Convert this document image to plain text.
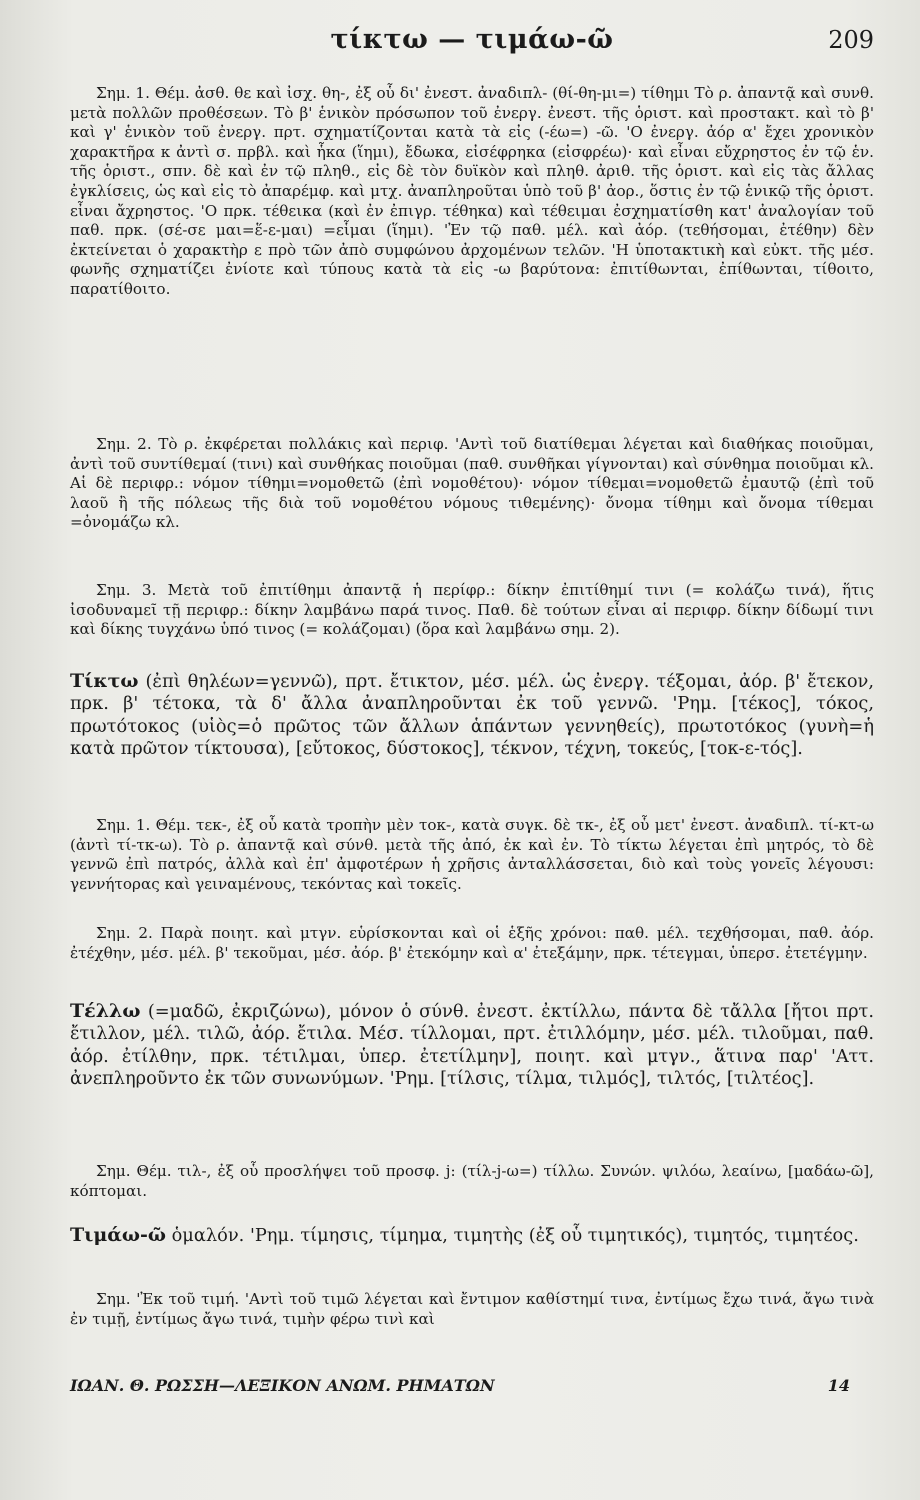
τίκτω — τιμάω-ῶ	209

Σημ. 1. Θέμ. ἀσθ. θε καὶ ἰσχ. θη-, ἐξ οὗ δι' ἐνεστ. ἀναδιπλ- (θί-θη-μι=) τίθημι Τὸ ρ. ἀπαντᾷ καὶ συνθ. μετὰ πολλῶν προθέσεων. Τὸ β' ἑνικὸν πρόσωπον τοῦ ἐνεργ. ἐνεστ. τῆς ὁριστ. καὶ προστακτ. καὶ τὸ β' καὶ γ' ἑνικὸν τοῦ ἐνεργ. πρτ. σχηματίζονται κατὰ τὰ εἰς (-έω=) -ῶ. 'Ο ἐνεργ. ἀόρ α' ἔχει χρονικὸν χαρακτῆρα κ ἀντὶ σ. πρβλ. καὶ ἧκα (ἵημι), ἔδωκα, εἰσέφρηκα (εἰσφρέω)· καὶ εἶναι εὔχρηστος ἐν τῷ ἑν. τῆς ὁριστ., σπν. δὲ καὶ ἐν τῷ πληθ., εἰς δὲ τὸν δυϊκὸν καὶ πληθ. ἀριθ. τῆς ὁριστ. καὶ εἰς τὰς ἄλλας ἐγκλίσεις, ὡς καὶ εἰς τὸ ἀπαρέμφ. καὶ μτχ. ἀναπληροῦται ὑπὸ τοῦ β' ἀορ., ὅστις ἐν τῷ ἑνικῷ τῆς ὁριστ. εἶναι ἄχρηστος. 'Ο πρκ. τέθεικα (καὶ ἐν ἐπιγρ. τέθηκα) καὶ τέθειμαι ἐσχηματίσθη κατ' ἀναλογίαν τοῦ παθ. πρκ. (σέ-σε μαι=ἕ-ε-μαι) =εἷμαι (ἵημι). 'Ἐν τῷ παθ. μέλ. καὶ ἀόρ. (τεθήσομαι, ἐτέθην) δὲν ἐκτείνεται ὁ χαρακτὴρ ε πρὸ τῶν ἀπὸ συμφώνου ἀρχομένων τελῶν. 'Η ὑποτακτικὴ καὶ εὐκτ. τῆς μέσ. φωνῆς σχηματίζει ἐνίοτε καὶ τύπους κατὰ τὰ εἰς -ω βαρύτονα: ἐπιτίθωνται, ἐπίθωνται, τίθοιτο, παρατίθοιτο.

Σημ. 2. Τὸ ρ. ἐκφέρεται πολλάκις καὶ περιφ. 'Αντὶ τοῦ διατίθεμαι λέγεται καὶ διαθήκας ποιοῦμαι, ἀντὶ τοῦ συντίθεμαί (τινι) καὶ συνθήκας ποιοῦμαι (παθ. συνθῆκαι γίγνονται) καὶ σύνθημα ποιοῦμαι κλ. Αἱ δὲ περιφρ.: νόμον τίθημι=νομοθετῶ (ἐπὶ νομοθέτου)· νόμον τίθεμαι=νομοθετῶ ἐμαυτῷ (ἐπὶ τοῦ λαοῦ ἢ τῆς πόλεως τῆς διὰ τοῦ νομοθέτου νόμους τιθεμένης)· ὄνομα τίθημι καὶ ὄνομα τίθεμαι =ὀνομάζω κλ.

Σημ. 3. Μετὰ τοῦ ἐπιτίθημι ἀπαντᾷ ἡ περίφρ.: δίκην ἐπιτίθημί τινι (= κολάζω τινά), ἥτις ἰσοδυναμεῖ τῇ περιφρ.: δίκην λαμβάνω παρά τινος. Παθ. δὲ τούτων εἶναι αἱ περιφρ. δίκην δίδωμί τινι καὶ δίκης τυγχάνω ὑπό τινος (= κολάζομαι) (ὅρα καὶ λαμβάνω σημ. 2).

Τίκτω (ἐπὶ θηλέων=γεννῶ), πρτ. ἔτικτον, μέσ. μέλ. ὡς ἐνεργ. τέξομαι, ἀόρ. β' ἔτεκον, πρκ. β' τέτοκα, τὰ δ' ἄλλα ἀναπληροῦνται ἐκ τοῦ γεννῶ. 'Ρημ. [τέκος], τόκος, πρωτότοκος (υἱὸς=ὁ πρῶτος τῶν ἄλλων ἁπάντων γεννηθείς), πρωτοτόκος (γυνὴ=ἡ κατὰ πρῶτον τίκτουσα), [εὔτοκος, δύστοκος], τέκνον, τέχνη, τοκεύς, [τοκ-ε-τός].

Σημ. 1. Θέμ. τεκ-, ἐξ οὗ κατὰ τροπὴν μὲν τοκ-, κατὰ συγκ. δὲ τκ-, ἐξ οὗ μετ' ἐνεστ. ἀναδιπλ. τί-κτ-ω (ἀντὶ τί-τκ-ω). Τὸ ρ. ἀπαντᾷ καὶ σύνθ. μετὰ τῆς ἀπό, ἐκ καὶ ἐν. Τὸ τίκτω λέγεται ἐπὶ μητρός, τὸ δὲ γεννῶ ἐπὶ πατρός, ἀλλὰ καὶ ἐπ' ἀμφοτέρων ἡ χρῆσις ἀνταλλάσσεται, διὸ καὶ τοὺς γονεῖς λέγουσι: γεννήτορας καὶ γειναμένους, τεκόντας καὶ τοκεῖς.

Σημ. 2. Παρὰ ποιητ. καὶ μτγν. εὑρίσκονται καὶ οἱ ἑξῆς χρόνοι: παθ. μέλ. τεχθήσομαι, παθ. ἀόρ. ἐτέχθην, μέσ. μέλ. β' τεκοῦμαι, μέσ. ἀόρ. β' ἐτεκόμην καὶ α' ἐτεξάμην, πρκ. τέτεγμαι, ὑπερσ. ἐτετέγμην.

Τέλλω (=μαδῶ, ἐκριζώνω), μόνον ὁ σύνθ. ἐνεστ. ἐκτίλλω, πάντα δὲ τἄλλα [ἤτοι πρτ. ἔτιλλον, μέλ. τιλῶ, ἀόρ. ἔτιλα. Μέσ. τίλλομαι, πρτ. ἐτιλλόμην, μέσ. μέλ. τιλοῦμαι, παθ. ἀόρ. ἐτίλθην, πρκ. τέτιλμαι, ὑπερ. ἐτετίλμην], ποιητ. καὶ μτγν., ἅτινα παρ' 'Αττ. ἀνεπληροῦντο ἐκ τῶν συνωνύμων. 'Ρημ. [τίλσις, τίλμα, τιλμός], τιλτός, [τιλτέος].

Σημ. Θέμ. τιλ-, ἐξ οὗ προσλήψει τοῦ προσφ. j: (τίλ-j-ω=) τίλλω. Συνών. ψιλόω, λεαίνω, [μαδάω-ῶ], κόπτομαι.

Τιμάω-ῶ ὁμαλόν. 'Ρημ. τίμησις, τίμημα, τιμητὴς (ἐξ οὗ τιμητικός), τιμητός, τιμητέος.

Σημ. 'Ἐκ τοῦ τιμή. 'Αντὶ τοῦ τιμῶ λέγεται καὶ ἔντιμον καθίστημί τινα, ἐντίμως ἔχω τινά, ἄγω τινὰ ἐν τιμῇ, ἐντίμως ἄγω τινά, τιμὴν φέρω τινὶ καὶ

ΙΩΑΝ. Θ. ΡΩΣΣΗ—ΛΕΞΙΚΟΝ ΑΝΩΜ. ΡΗΜΑΤΩΝ	14
